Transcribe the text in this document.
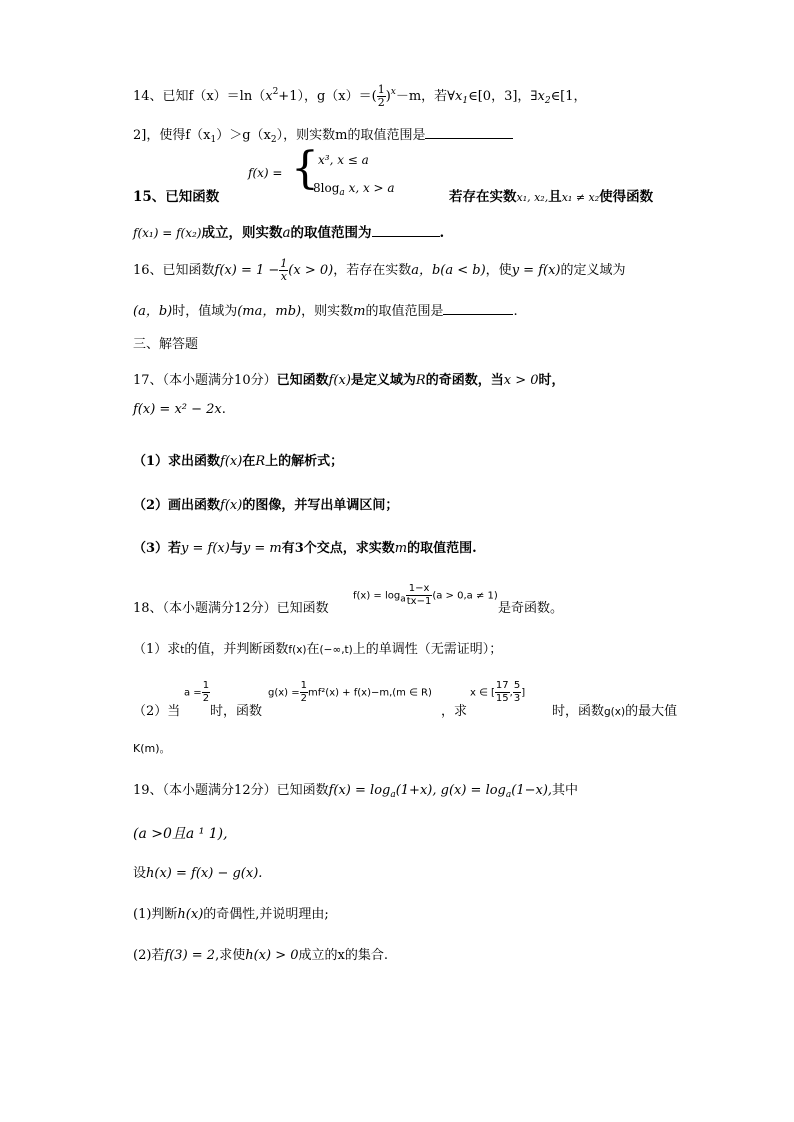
14、已知$f(x)=\ln(x^2+1)$，$g(x)=( \frac{1}{2} )^x-m$，若$\forall x_1\in[0$，3]，$\exists x_2\in[1$，
2]，使得$f(x_1)>g(x_2)$，则实数m的取值范围是
f(x) = { x³, x ≤ a
$8\log_a$ x, x > a
15、已知函数	若存在实数x₁, x₂,且x₁ ≠ x₂使得函数
f(x₁) = f(x₂)成立，则实数a的取值范围为	.
16、已知函数$f(x) = 1 - \frac{1}{x} (x > 0)$，若存在实数a，b(a < b)，使y = f(x)的定义域为
(a，b)时，值域为(ma，mb)，则实数m的取值范围是	.
三、解答题
17、（本小题满分10分）已知函数f(x)是定义域为R的奇函数，当x > 0时，
f(x) = x² − 2x.
（1）求出函数f(x)在R上的解析式；
（2）画出函数f(x)的图像，并写出单调区间；
（3）若y = f(x)与y = m有3个交点，求实数m的取值范围.
18、（本小题满分12分）已知函数
f(x) = loga $\frac{1-x}{tx-1} (a > 0,a \ne 1)$
是奇函数。
（1）求t的值，并判断函数f(x)在(−∞,t)上的单调性（无需证明）；
（2）当
$a = \frac{1}{2}$
时，函数
$g(x) = \frac{1}{2} mf^2(x) + f(x)-m,(m$ ∈ R)
，求
x ∈ [ $\frac{17}{15}$ , $\frac{5}{3}$ ]
时，函数g(x)的最大值
K(m)。
19、（本小题满分12分）已知函数$f(x) = \log_a(1+x)$, $g(x) = \log_a(1-x)$,其中
(a >0且a ¹ 1),
设h(x) = f(x) − g(x).
(1)判断h(x)的奇偶性,并说明理由;
(2)若f(3) = 2,求使h(x) > 0成立的x的集合.
